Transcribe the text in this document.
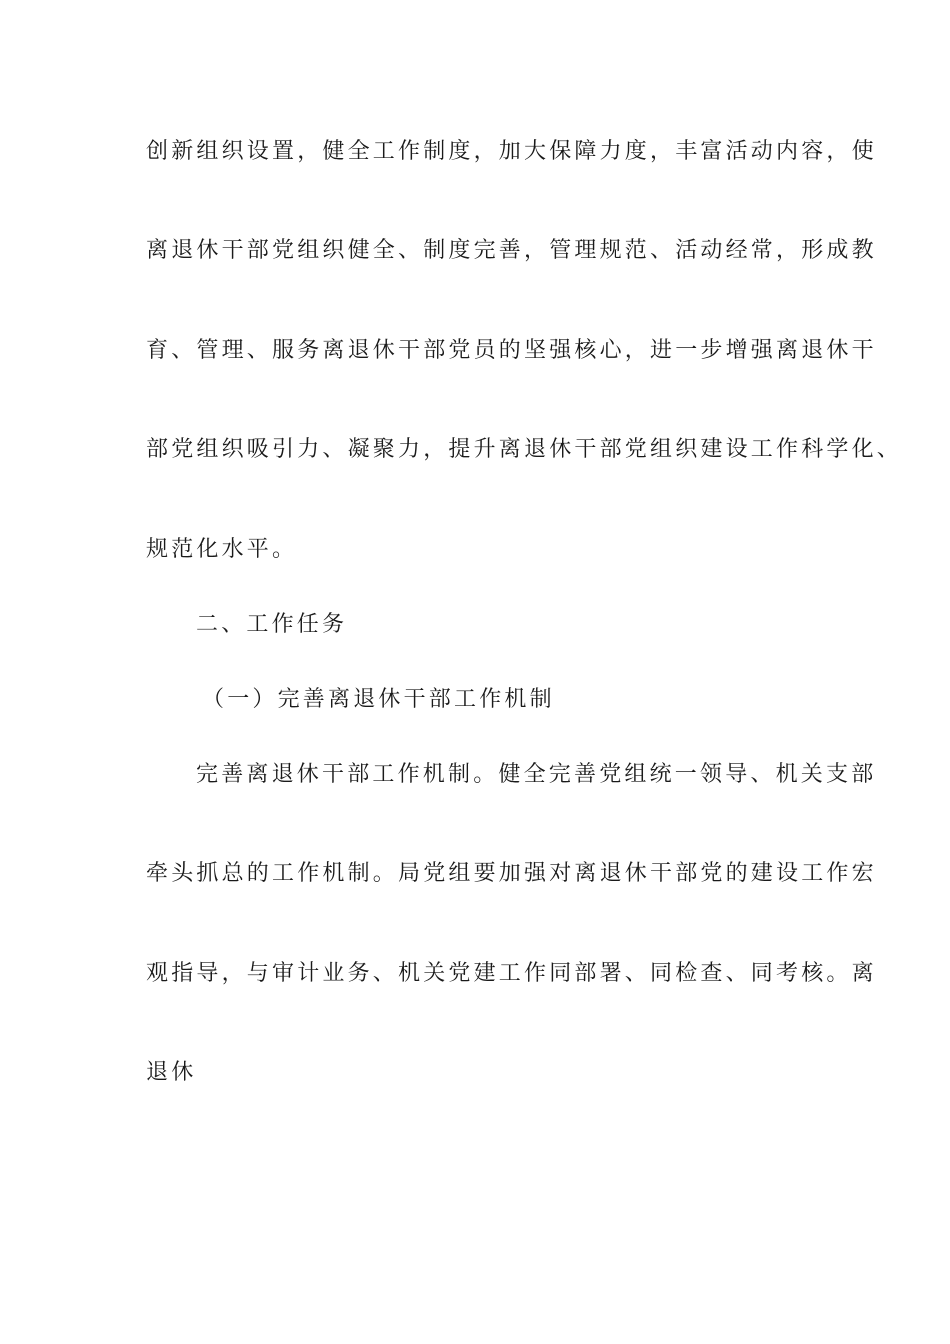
创新组织设置，健全工作制度，加大保障力度，丰富活动内容，使
离退休干部党组织健全、制度完善，管理规范、活动经常，形成教
育、管理、服务离退休干部党员的坚强核心，进一步增强离退休干
部党组织吸引力、凝聚力，提升离退休干部党组织建设工作科学化、
规范化水平。
二、工作任务
（一）完善离退休干部工作机制
完善离退休干部工作机制。健全完善党组统一领导、机关支部
牵头抓总的工作机制。局党组要加强对离退休干部党的建设工作宏
观指导，与审计业务、机关党建工作同部署、同检查、同考核。离
退休
